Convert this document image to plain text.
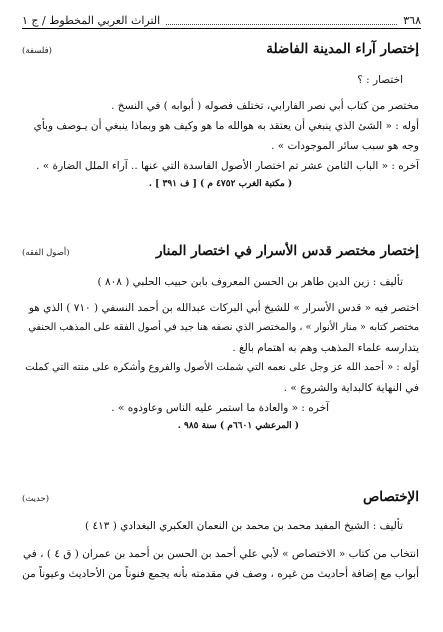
٣٦٨
التراث العربي المخطوط / ج ١
إختصار آراء المدينة الفاضلة
(فلسفة)
اختصار : ؟
مختصر من كتاب أبي نصر الفارابي، تختلف فصوله ( أبوابه ) في النسخ .
أوله : « الشئ الذي ينبغي أن يعتقد به هوالله ما هو وكيف هو وبماذا ينبغي أن يـوصف وبأي
وجه هو سبب سائر الموجودات » .
آخره : « الباب الثامن عشر تم اختصار الأصول الفاسدة التي عنها .. آراء الملل الضارة » .
( مكتبة الغرب ٤٧٥٢ م ) [ ف ٣٩١ ] .
إختصار مختصر قدس الأسرار في اختصار المنار
(أصول الفقه)
تأليف : زين الدين طاهر بن الحسن المعروف بابن حبيب الحلبي ( ٨٠٨ )
اختصر فيه « قدس الأسرار » للشيخ أبي البركات عبدالله بن أحمد النسفي ( ٧١٠ ) الذي هو
مختصر كتابه « منار الأنوار » ، والمختصر الذي نصفه هنا جيد في أصول الفقه على المذهب الحنفي
يتدارسه علماء المذهب وهم به اهتمام بالغ .
أوله : « أحمد الله عز وجل على نعمه التي شملت الأصول والفروع وأشكره على منته التي كملت
في النهاية كالبداية والشروع » .
آخره : « والعادة ما استمر عليه الناس وعاودوه » .
( المرعشي ٦٦٠١م ) سنة ٩٨٥ .
الإختصاص
(حديث)
تأليف : الشيخ المفيد محمد بن محمد بن النعمان العكبري البغدادي ( ٤١٣ )
انتخاب من كتاب « الاختصاص » لأبي علي أحمد بن الحسن بن أحمد بن عمران ( ق ٤ ) ، في
أبواب مع إضافة أحاديث من غيره ، وصف في مقدمته بأنه يجمع فنوناً من الأحاديث وعيوناً من
